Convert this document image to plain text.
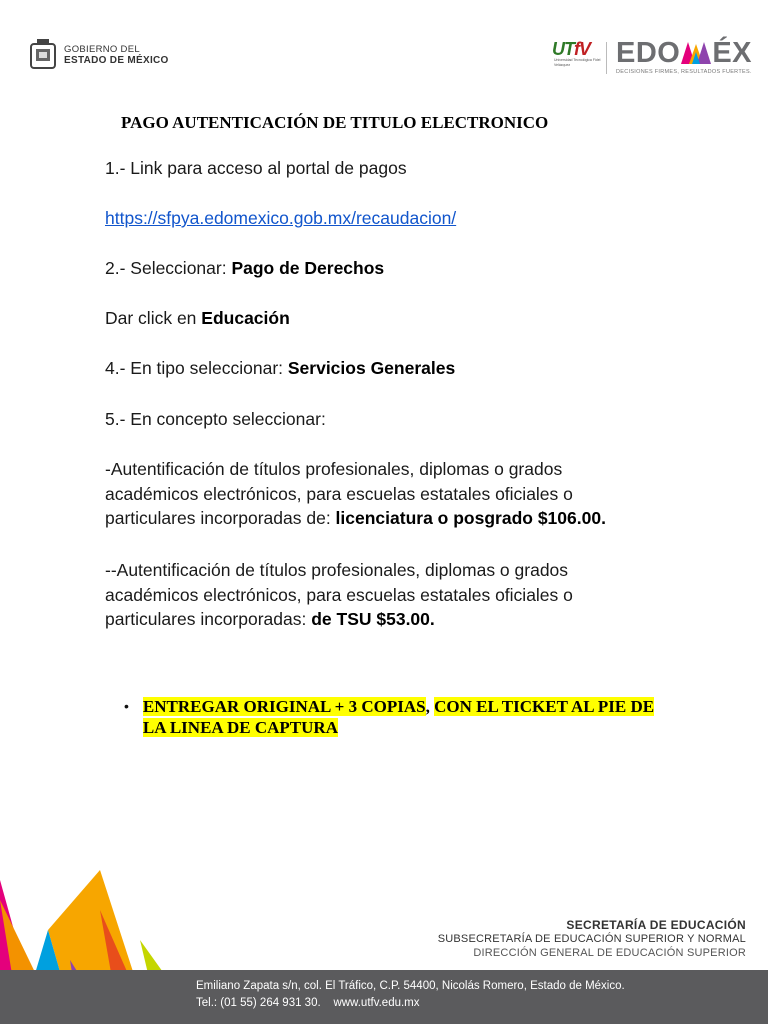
GOBIERNO DEL
ESTADO DE MÉXICO
UTfV
Universidad Tecnológica Fidel Velázquez	EDO ÉX
DECISIONES FIRMES, RESULTADOS FUERTES.
PAGO AUTENTICACIÓN DE TITULO ELECTRONICO

1.- Link para acceso al portal de pagos

https://sfpya.edomexico.gob.mx/recaudacion/

2.- Seleccionar: Pago de Derechos

Dar click en Educación

4.- En tipo seleccionar: Servicios Generales

5.- En concepto seleccionar:

-Autentificación de títulos profesionales, diplomas o grados académicos electrónicos, para escuelas estatales oficiales o particulares incorporadas de: licenciatura o posgrado $106.00.

--Autentificación de títulos profesionales, diplomas o grados académicos electrónicos, para escuelas estatales oficiales o particulares incorporadas: de TSU $53.00.

• ENTREGAR ORIGINAL + 3 COPIAS, CON EL TICKET AL PIE DE LA LINEA DE CAPTURA
SECRETARÍA DE EDUCACIÓN
SUBSECRETARÍA DE EDUCACIÓN SUPERIOR Y NORMAL
DIRECCIÓN GENERAL DE EDUCACIÓN SUPERIOR
Emiliano Zapata s/n, col. El Tráfico, C.P. 54400, Nicolás Romero, Estado de México.
Tel.: (01 55) 264 931 30.    www.utfv.edu.mx
